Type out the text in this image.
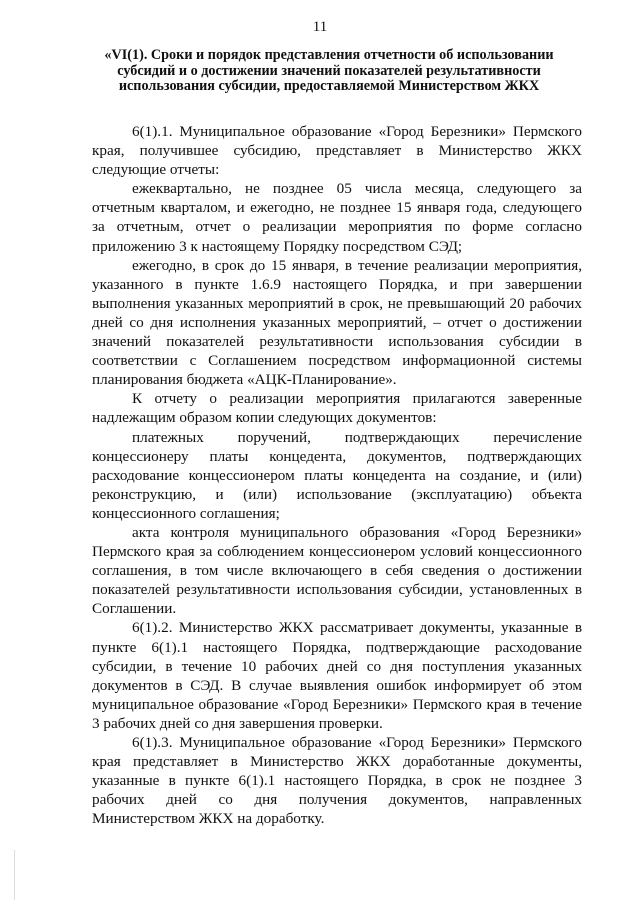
11
«VI(1). Сроки и порядок представления отчетности об использовании субсидий и о достижении значений показателей результативности использования субсидии, предоставляемой Министерством ЖКХ

6(1).1. Муниципальное образование «Город Березники» Пермского края, получившее субсидию, представляет в Министерство ЖКХ следующие отчеты:

ежеквартально, не позднее 05 числа месяца, следующего за отчетным кварталом, и ежегодно, не позднее 15 января года, следующего за отчетным, отчет о реализации мероприятия по форме согласно приложению 3 к настоящему Порядку посредством СЭД;

ежегодно, в срок до 15 января, в течение реализации мероприятия, указанного в пункте 1.6.9 настоящего Порядка, и при завершении выполнения указанных мероприятий в срок, не превышающий 20 рабочих дней со дня исполнения указанных мероприятий, – отчет о достижении значений показателей результативности использования субсидии в соответствии с Соглашением посредством информационной системы планирования бюджета «АЦК-Планирование».

К отчету о реализации мероприятия прилагаются заверенные надлежащим образом копии следующих документов:

платежных поручений, подтверждающих перечисление концессионеру платы концедента, документов, подтверждающих расходование концессионером платы концедента на создание, и (или) реконструкцию, и (или) использование (эксплуатацию) объекта концессионного соглашения;

акта контроля муниципального образования «Город Березники» Пермского края за соблюдением концессионером условий концессионного соглашения, в том числе включающего в себя сведения о достижении показателей результативности использования субсидии, установленных в Соглашении.

6(1).2. Министерство ЖКХ рассматривает документы, указанные в пункте 6(1).1 настоящего Порядка, подтверждающие расходование субсидии, в течение 10 рабочих дней со дня поступления указанных документов в СЭД. В случае выявления ошибок информирует об этом муниципальное образование «Город Березники» Пермского края в течение 3 рабочих дней со дня завершения проверки.

6(1).3. Муниципальное образование «Город Березники» Пермского края представляет в Министерство ЖКХ доработанные документы, указанные в пункте 6(1).1 настоящего Порядка, в срок не позднее 3 рабочих дней со дня получения документов, направленных Министерством ЖКХ на доработку.
